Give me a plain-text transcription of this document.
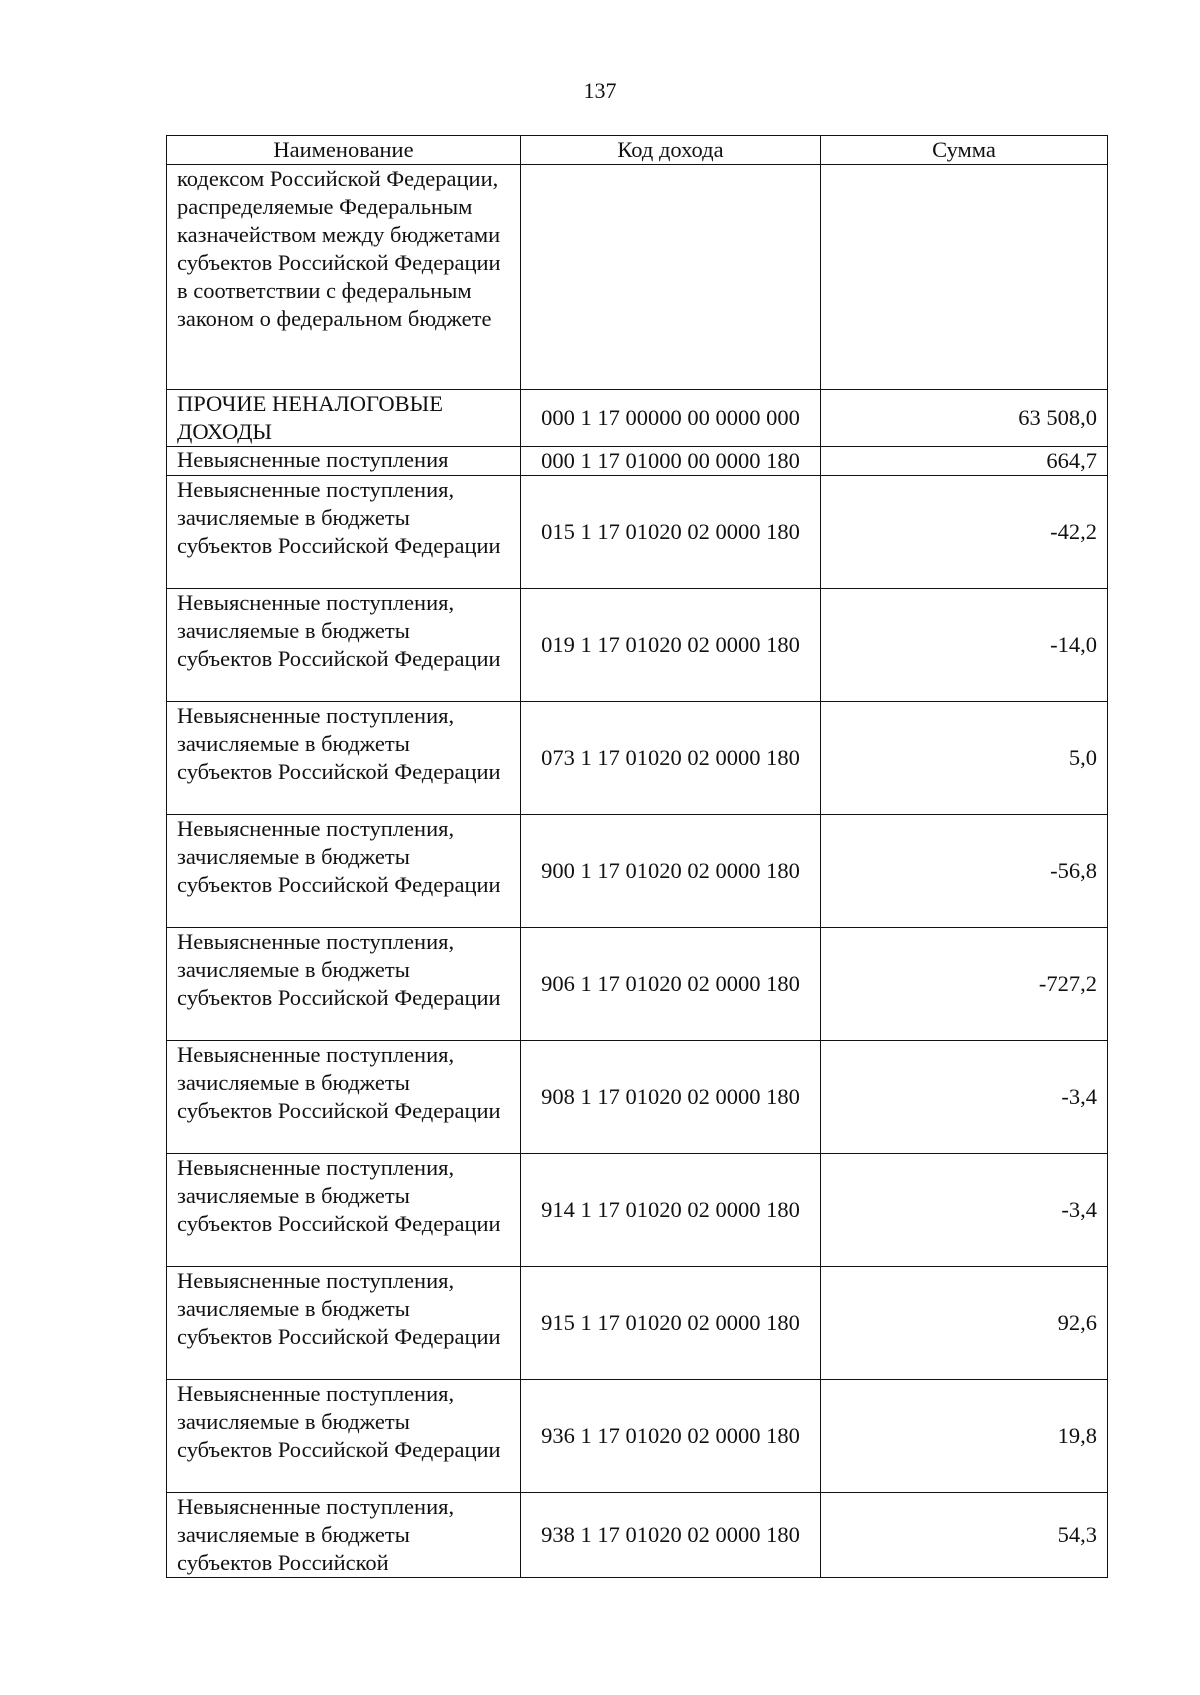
137
Наименование	Код дохода	Сумма
кодексом Российской Федерации, распределяемые Федеральным казначейством между бюджетами субъектов Российской Федерации в соответствии с федеральным законом о федеральном бюджете		
ПРОЧИЕ НЕНАЛОГОВЫЕ ДОХОДЫ	000 1 17 00000 00 0000 000	63 508,0
Невыясненные поступления	000 1 17 01000 00 0000 180	664,7
Невыясненные поступления, зачисляемые в бюджеты субъектов Российской Федерации	015 1 17 01020 02 0000 180	-42,2
Невыясненные поступления, зачисляемые в бюджеты субъектов Российской Федерации	019 1 17 01020 02 0000 180	-14,0
Невыясненные поступления, зачисляемые в бюджеты субъектов Российской Федерации	073 1 17 01020 02 0000 180	5,0
Невыясненные поступления, зачисляемые в бюджеты субъектов Российской Федерации	900 1 17 01020 02 0000 180	-56,8
Невыясненные поступления, зачисляемые в бюджеты субъектов Российской Федерации	906 1 17 01020 02 0000 180	-727,2
Невыясненные поступления, зачисляемые в бюджеты субъектов Российской Федерации	908 1 17 01020 02 0000 180	-3,4
Невыясненные поступления, зачисляемые в бюджеты субъектов Российской Федерации	914 1 17 01020 02 0000 180	-3,4
Невыясненные поступления, зачисляемые в бюджеты субъектов Российской Федерации	915 1 17 01020 02 0000 180	92,6
Невыясненные поступления, зачисляемые в бюджеты субъектов Российской Федерации	936 1 17 01020 02 0000 180	19,8
Невыясненные поступления, зачисляемые в бюджеты субъектов Российской	938 1 17 01020 02 0000 180	54,3
